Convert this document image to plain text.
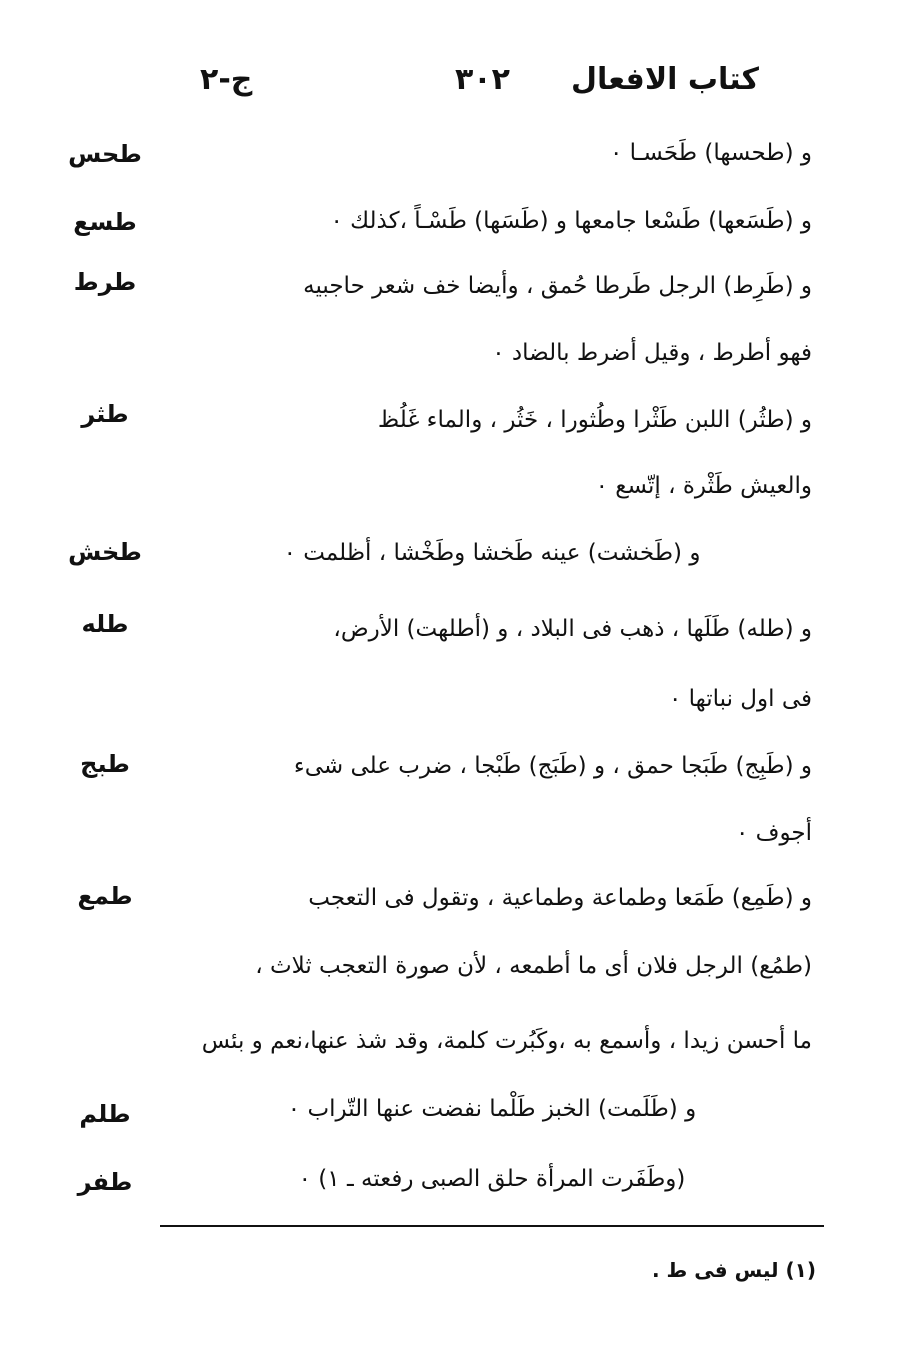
كتاب الافعال
٣٠٢
ج-٢
طحس	و (طحسها) طَحَسـا ٠
طسع	و (طَسَعها) طَسْعا جامعها و (طَسَها) طَسْـاً ،كذلك ٠
طرط	و (طَرِط) الرجل طَرطا حُمق ، وأيضا خف شعر حاجبيه
فهو أطرط ، وقيل أضرط بالضاد ٠
طثر	و (طثُر) اللبن طَثْرا وطُثورا ، خَثُر ، والماء غَلُظ
والعيش طَثْرة ، إتّسع ٠
طخش	و (طَخشت) عينه طَخشا وطَخْشا ، أظلمت ٠
طله	و (طله) طَلَها ، ذهب فى البلاد ، و (أطلهت) الأرض،
فى اول نباتها ٠
طبج	و (طَبِج) طَبَجا حمق ، و (طَبَج) طَبْجا ، ضرب على شىء
أجوف ٠
طمع	و (طَمِع) طَمَعا وطماعة وطماعية ، وتقول فى التعجب
(طمُع) الرجل فلان أى ما أطمعه ، لأن صورة التعجب ثلاث ،
ما أحسن زيدا ، وأسمع به ،وكَبُرت كلمة، وقد شذ عنها،نعم و بئس
طلم	و (طَلَمت) الخبز طَلْما نفضت عنها التّراب ٠
طفر	(وطَفَرت المرأة حلق الصبى رفعته ـ ١) ٠
(١) ليس فى ط .
